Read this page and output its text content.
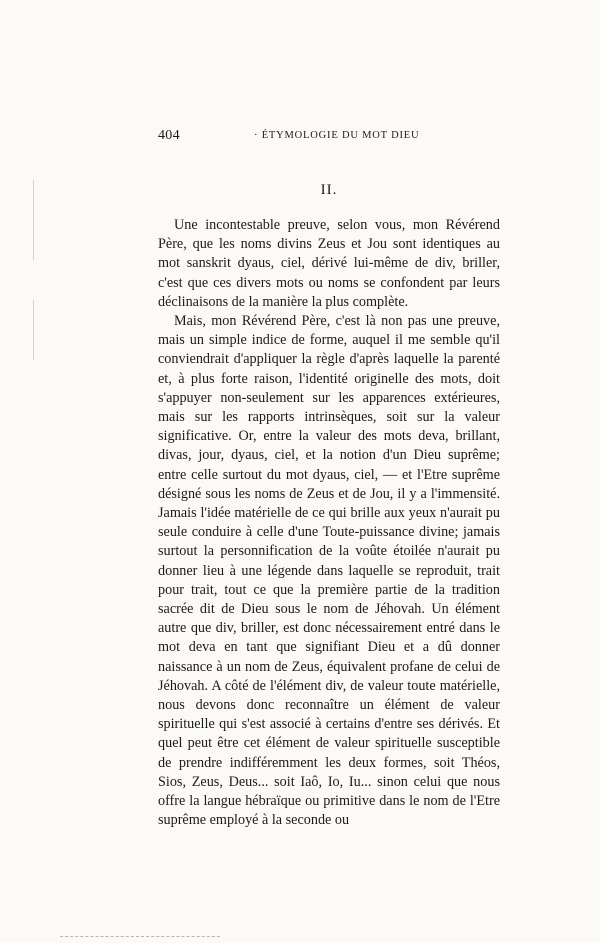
404	· ÉTYMOLOGIE DU MOT DIEU
II.

Une incontestable preuve, selon vous, mon Révérend Père, que les noms divins Zeus et Jou sont identiques au mot sanskrit dyaus, ciel, dérivé lui-même de div, briller, c'est que ces divers mots ou noms se confondent par leurs déclinaisons de la manière la plus complète.

Mais, mon Révérend Père, c'est là non pas une preuve, mais un simple indice de forme, auquel il me semble qu'il conviendrait d'appliquer la règle d'après laquelle la parenté et, à plus forte raison, l'identité originelle des mots, doit s'appuyer non-seulement sur les apparences extérieures, mais sur les rapports intrinsèques, soit sur la valeur significative. Or, entre la valeur des mots deva, brillant, divas, jour, dyaus, ciel, et la notion d'un Dieu suprême; entre celle surtout du mot dyaus, ciel, — et l'Etre suprême désigné sous les noms de Zeus et de Jou, il y a l'immensité. Jamais l'idée matérielle de ce qui brille aux yeux n'aurait pu seule conduire à celle d'une Toute-puissance divine; jamais surtout la personnification de la voûte étoilée n'aurait pu donner lieu à une légende dans laquelle se reproduit, trait pour trait, tout ce que la première partie de la tradition sacrée dit de Dieu sous le nom de Jéhovah. Un élément autre que div, briller, est donc nécessairement entré dans le mot deva en tant que signifiant Dieu et a dû donner naissance à un nom de Zeus, équivalent profane de celui de Jéhovah. A côté de l'élément div, de valeur toute matérielle, nous devons donc reconnaître un élément de valeur spirituelle qui s'est associé à certains d'entre ses dérivés. Et quel peut être cet élément de valeur spirituelle susceptible de prendre indifféremment les deux formes, soit Théos, Sios, Zeus, Deus... soit Iaô, Io, Iu... sinon celui que nous offre la langue hébraïque ou primitive dans le nom de l'Etre suprême employé à la seconde ou
